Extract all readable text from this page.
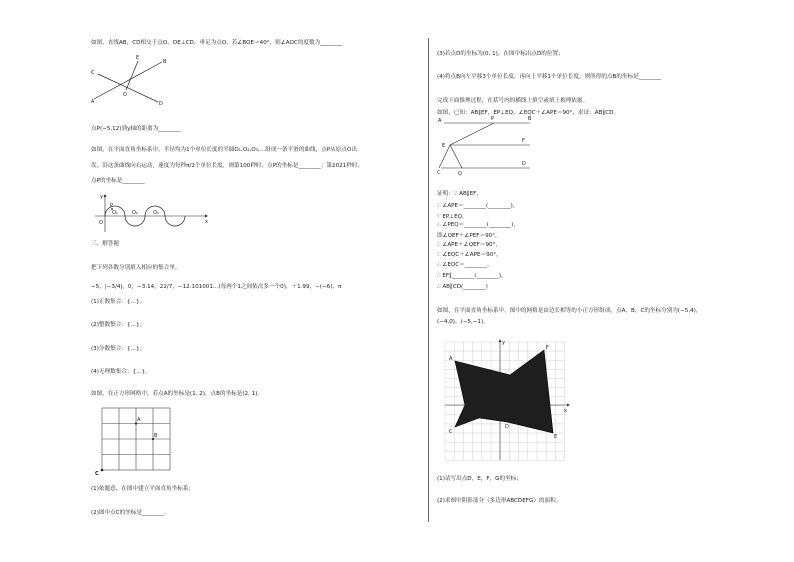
如图，直线AB，CD相交于点O，OE⊥CD，垂足为点O，若∠BOE＝40°，则∠AOC的度数为________
E
C
A
O
D
B
点P(−5,12)到y轴的距离为________
如图，在平面直角坐标系中，半径均为1个单位长度的半圆O₁,O₂,O₃,…组成一条平滑的曲线，点P从原点O出
发，沿这条曲线向右运动，速度为每秒π/2个单位长度，则第100秒时，点P的坐标是________；第2021秒时，
点P的坐标是________
y
P
O
O₁	O₂	O₃
x
三、解答题
把下列各数分别填入相应的集合里。
−5，|−3/4|，0，−3.14，22/7，−12.101001…(每两个1之间依次多一个0)，＋1.99，−(−6)，π
(1)正数集合：{…}；
(2)整数集合：{…}；
(3)分数集合：{…}；
(4)无理数集合：{…}。
如图，在正方形网格中，若点A的坐标是(1, 2)，点B的坐标是(2, 1)。
A
B
C
(1)依题意，在图中建立平面直角坐标系；
(2)图中点C的坐标是________。
(3)若点D的坐标为(0, 1)，在图中标出点D的位置；
(4)将点B向左平移3个单位长度，再向上平移1个单位长度，则所得的点B的坐标是________
完成下面推理过程，在括号内的横线上填空或填上推理依据。
如图，已知：AB∥EF，EP⊥EQ，∠EQC＋∠APE＝90°，求证：AB∥CD。
A	P	B
E
F
C	Q
D
证明：∵ AB∥EF，
∴ ∠APE＝________(________)，
∵ EP⊥EQ，
∴ ∠PEQ＝________(________)，
即∠QEF＋∠PEF＝90°，
∴ ∠APE＋∠QEF＝90°，
∵ ∠EQC＋∠APE＝90°，
∴ ∠EQC＝________，
∴ EF∥________(________)，
∴ AB∥CD(________)
如图，在平面直角坐标系中，图中的网格是由边长相等的小正方形组成，点A，B，C的坐标分别为(−5,4)，
(−4,0)，(−5,−1)。
A
B
C
D
E
F
G
y
x
O
(1)请写出点D，E，F，G的坐标；
(2)求图中阴影部分（多边形ABCDEFG）的面积。
